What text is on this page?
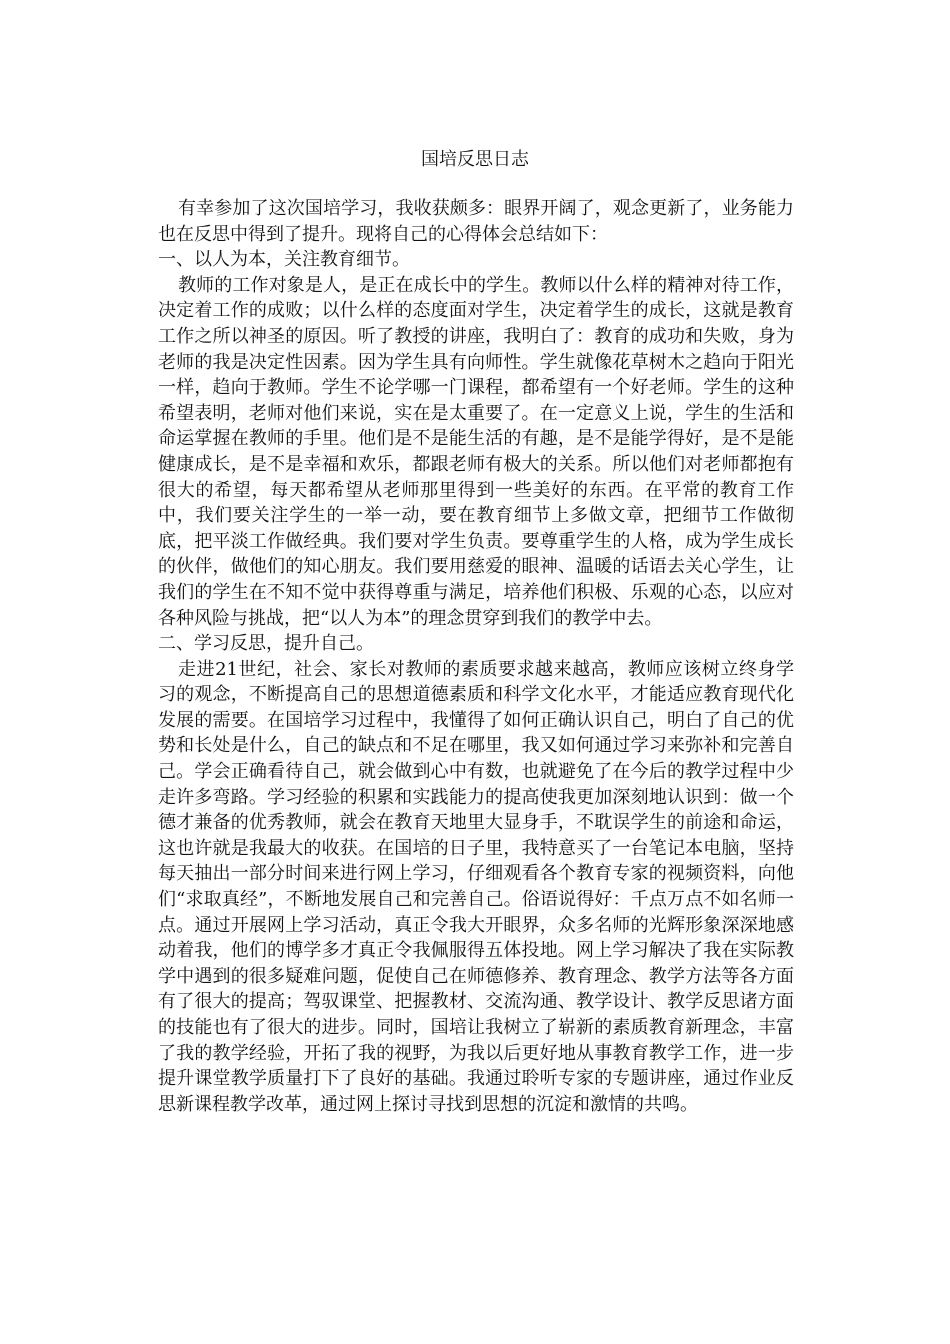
国培反思日志

有幸参加了这次国培学习，我收获颇多：眼界开阔了，观念更新了，业务能力也在反思中得到了提升。现将自己的心得体会总结如下：

一、以人为本，关注教育细节。

教师的工作对象是人，是正在成长中的学生。教师以什么样的精神对待工作，决定着工作的成败；以什么样的态度面对学生，决定着学生的成长，这就是教育工作之所以神圣的原因。听了教授的讲座，我明白了：教育的成功和失败，身为老师的我是决定性因素。因为学生具有向师性。学生就像花草树木之趋向于阳光一样，趋向于教师。学生不论学哪一门课程，都希望有一个好老师。学生的这种希望表明，老师对他们来说，实在是太重要了。在一定意义上说，学生的生活和命运掌握在教师的手里。他们是不是能生活的有趣，是不是能学得好，是不是能健康成长，是不是幸福和欢乐，都跟老师有极大的关系。所以他们对老师都抱有很大的希望，每天都希望从老师那里得到一些美好的东西。在平常的教育工作中，我们要关注学生的一举一动，要在教育细节上多做文章，把细节工作做彻底，把平淡工作做经典。我们要对学生负责。要尊重学生的人格，成为学生成长的伙伴，做他们的知心朋友。我们要用慈爱的眼神、温暖的话语去关心学生，让我们的学生在不知不觉中获得尊重与满足，培养他们积极、乐观的心态，以应对各种风险与挑战，把“以人为本”的理念贯穿到我们的教学中去。

二、学习反思，提升自己。

走进21世纪，社会、家长对教师的素质要求越来越高，教师应该树立终身学习的观念，不断提高自己的思想道德素质和科学文化水平，才能适应教育现代化发展的需要。在国培学习过程中，我懂得了如何正确认识自己，明白了自己的优势和长处是什么，自己的缺点和不足在哪里，我又如何通过学习来弥补和完善自己。学会正确看待自己，就会做到心中有数，也就避免了在今后的教学过程中少走许多弯路。学习经验的积累和实践能力的提高使我更加深刻地认识到：做一个德才兼备的优秀教师，就会在教育天地里大显身手，不耽误学生的前途和命运，这也许就是我最大的收获。在国培的日子里，我特意买了一台笔记本电脑，坚持每天抽出一部分时间来进行网上学习，仔细观看各个教育专家的视频资料，向他们“求取真经”，不断地发展自己和完善自己。俗语说得好：千点万点不如名师一点。通过开展网上学习活动，真正令我大开眼界，众多名师的光辉形象深深地感动着我，他们的博学多才真正令我佩服得五体投地。网上学习解决了我在实际教学中遇到的很多疑难问题，促使自己在师德修养、教育理念、教学方法等各方面有了很大的提高；驾驭课堂、把握教材、交流沟通、教学设计、教学反思诸方面的技能也有了很大的进步。同时，国培让我树立了崭新的素质教育新理念，丰富了我的教学经验，开拓了我的视野，为我以后更好地从事教育教学工作，进一步提升课堂教学质量打下了良好的基础。我通过聆听专家的专题讲座，通过作业反思新课程教学改革，通过网上探讨寻找到思想的沉淀和激情的共鸣。
